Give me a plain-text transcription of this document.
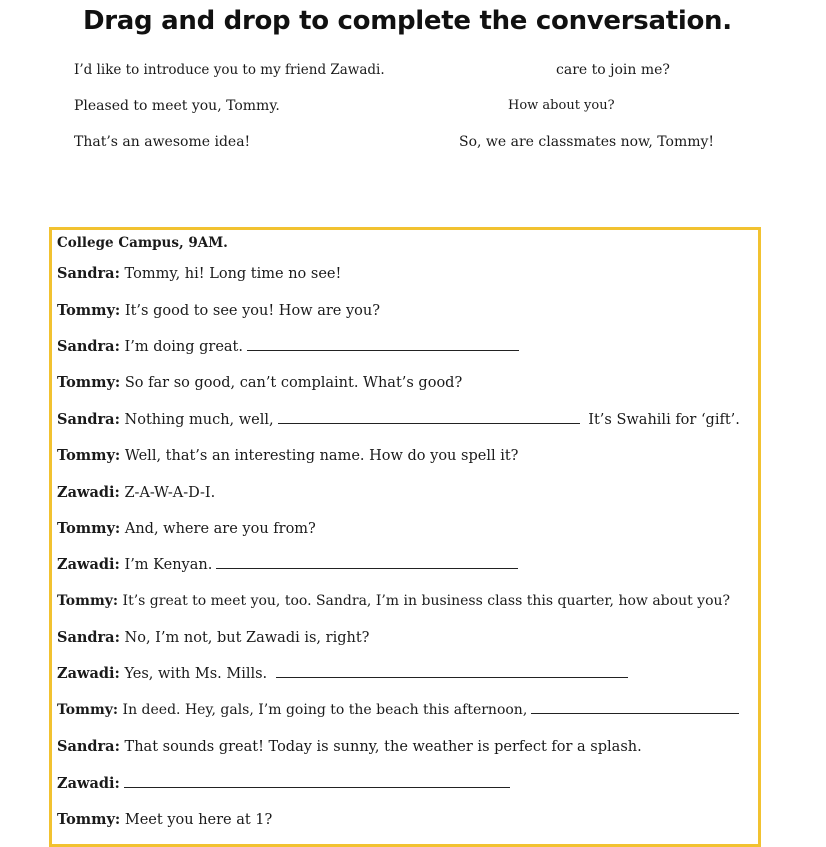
Drag and drop to complete the conversation.
I’d like to introduce you to my friend Zawadi.	care to join me?
Pleased to meet you, Tommy.	How about you?
That’s an awesome idea!	So, we are classmates now, Tommy!
College Campus, 9AM.
Sandra: Tommy, hi! Long time no see!
Tommy: It’s good to see you! How are you?
Sandra: I’m doing great.
Tommy: So far so good, can’t complaint. What’s good?
Sandra: Nothing much, well,	It’s Swahili for ‘gift’.
Tommy: Well, that’s an interesting name. How do you spell it?
Zawadi: Z-A-W-A-D-I.
Tommy: And, where are you from?
Zawadi: I’m Kenyan.
Tommy: It’s great to meet you, too. Sandra, I’m in business class this quarter, how about you?
Sandra: No, I’m not, but Zawadi is, right?
Zawadi: Yes, with Ms. Mills.
Tommy: In deed. Hey, gals, I’m going to the beach this afternoon,
Sandra: That sounds great! Today is sunny, the weather is perfect for a splash.
Zawadi:
Tommy: Meet you here at 1?
